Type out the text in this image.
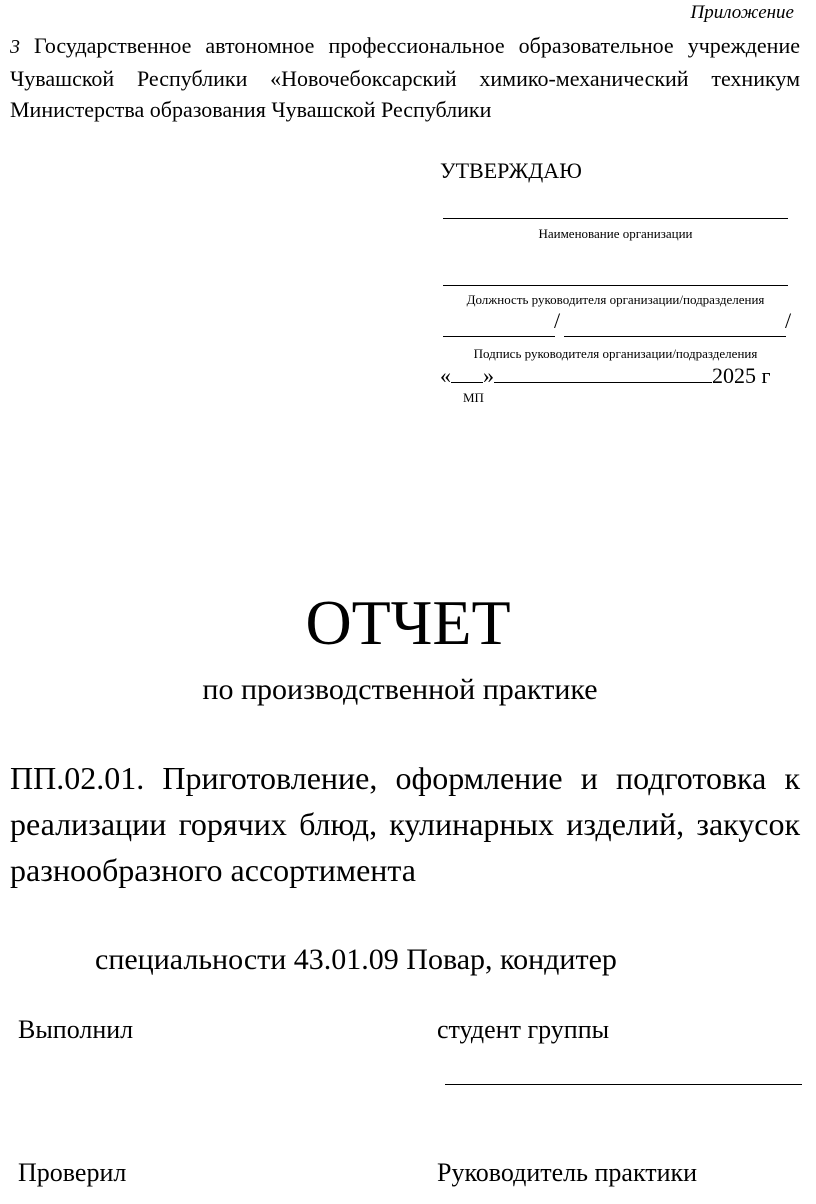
Приложение
3 Государственное автономное профессиональное образовательное учреждение Чувашской Республики «Новочебоксарский химико-механический техникум Министерства образования Чувашской Республики
УТВЕРЖДАЮ
Наименование организации
Должность руководителя организации/подразделения
/	/
Подпись руководителя организации/подразделения
« »	2025 г
МП
ОТЧЕТ
по производственной практике
ПП.02.01. Приготовление, оформление и подготовка к реализации горячих блюд, кулинарных изделий, закусок разнообразного ассортимента
специальности 43.01.09 Повар, кондитер
Выполнил	студент группы
Проверил	Руководитель практики
